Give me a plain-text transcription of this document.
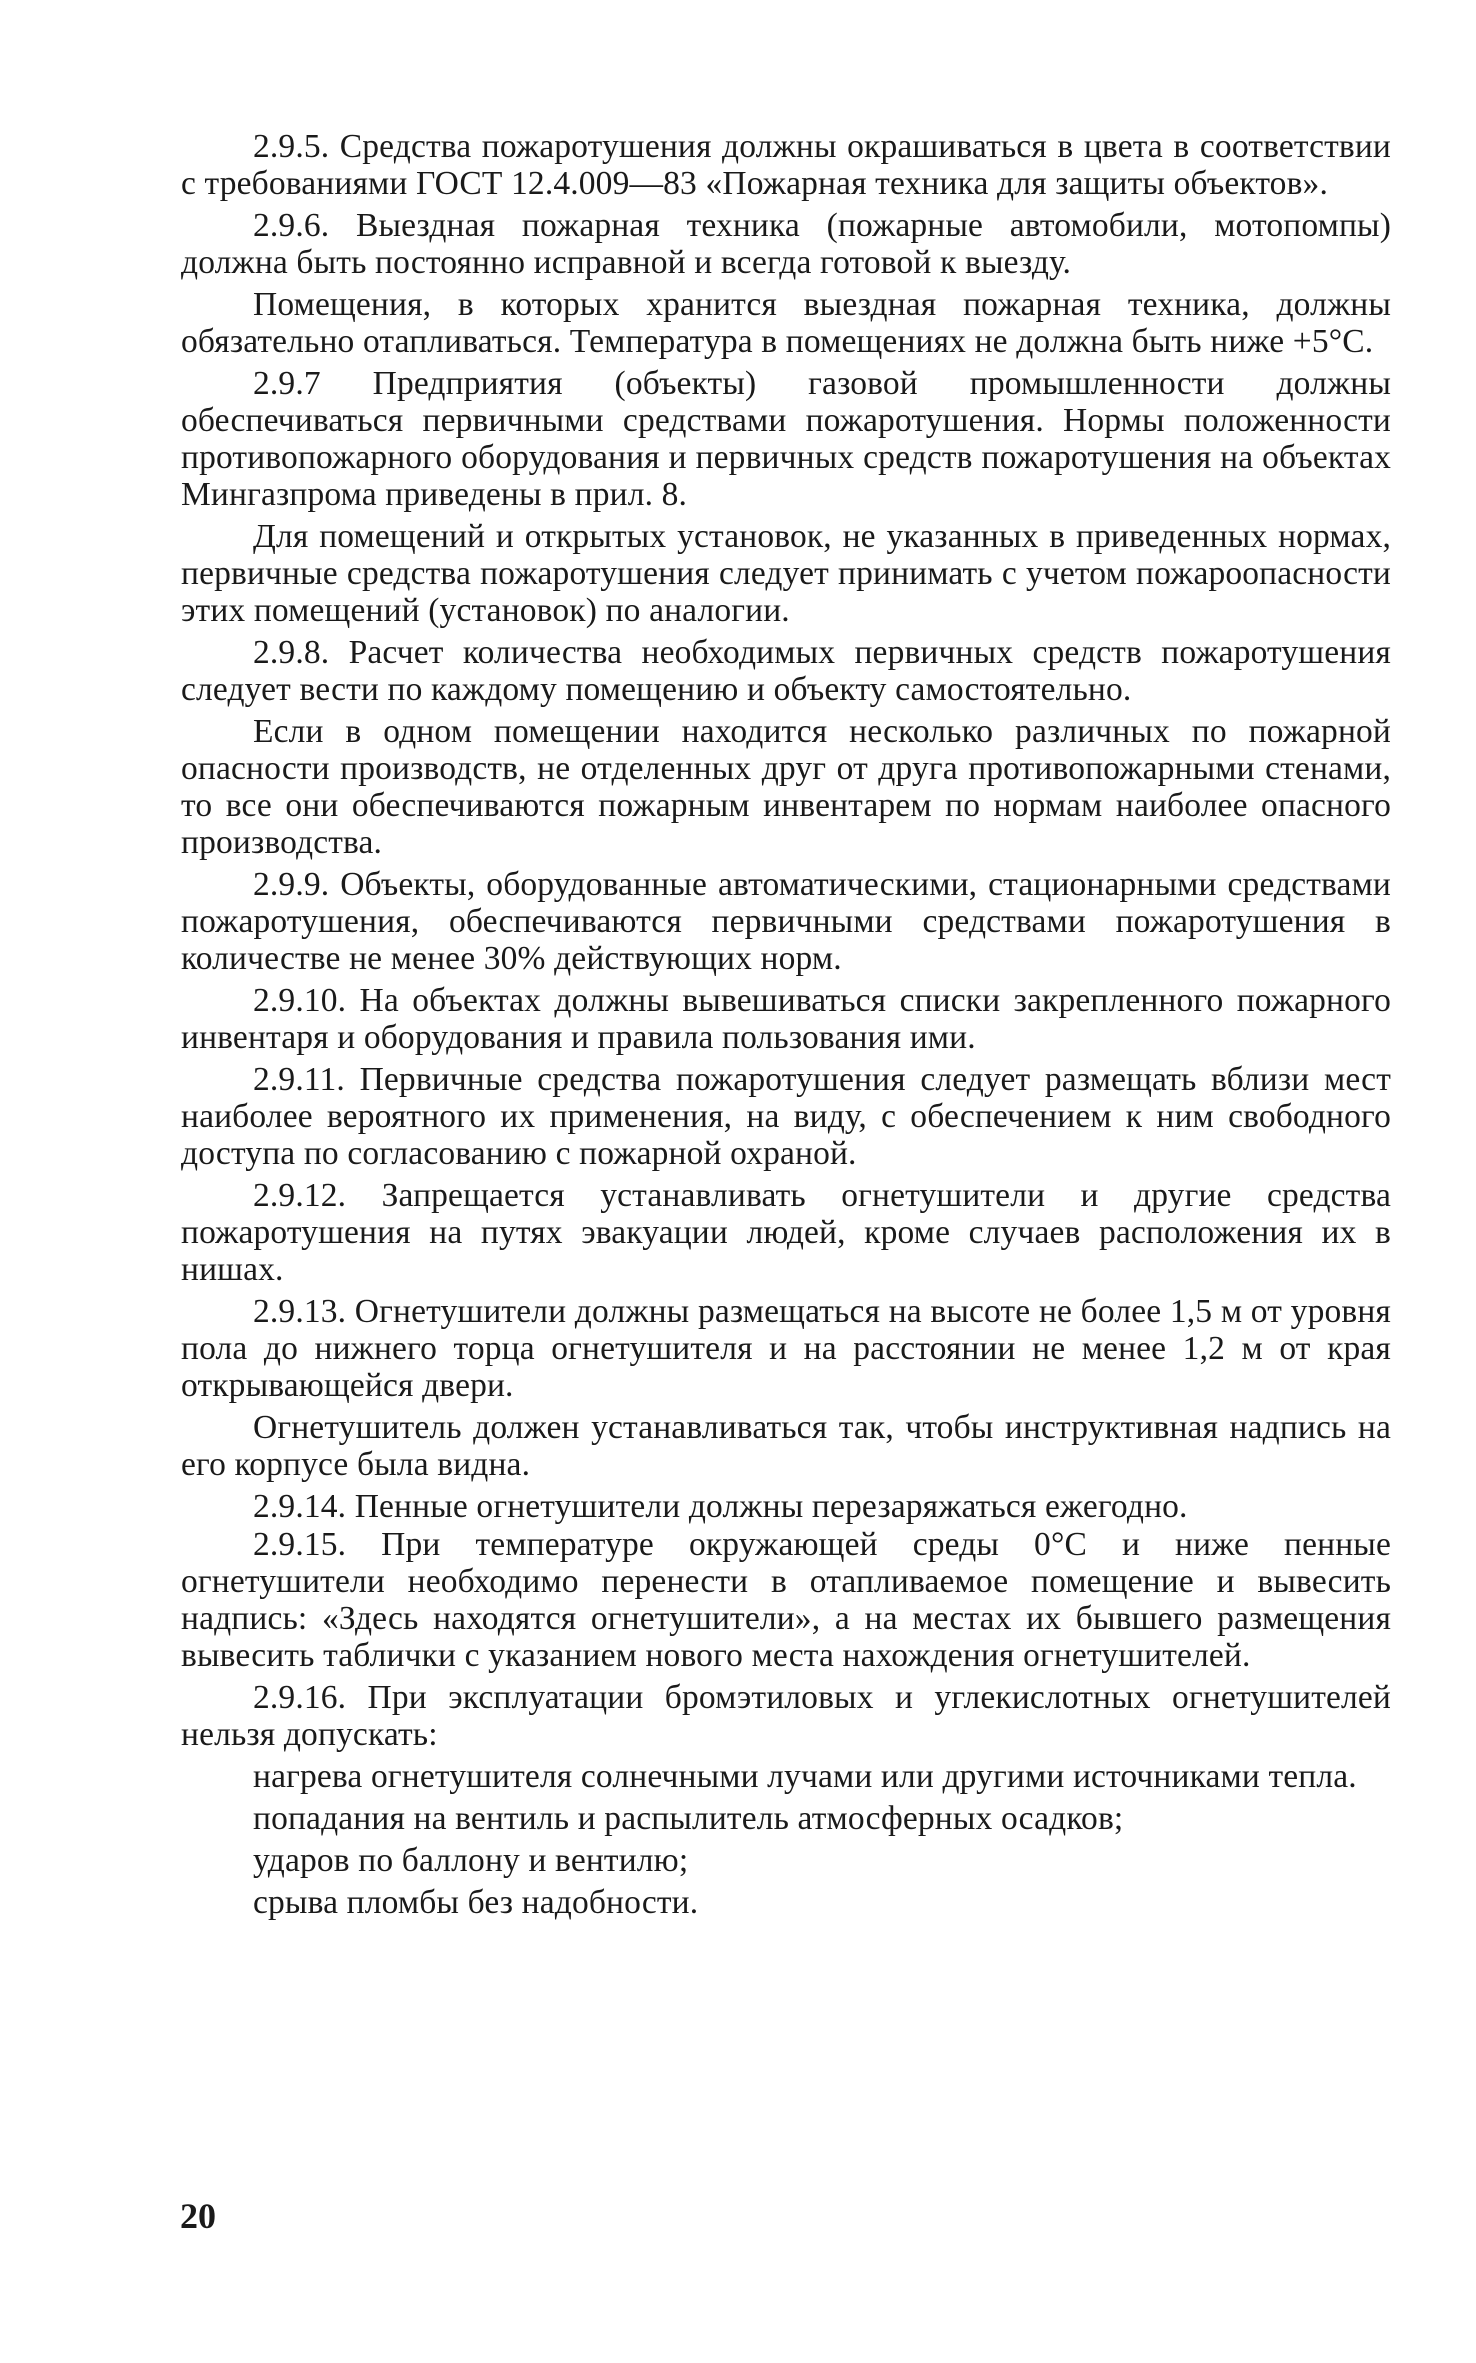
2.9.5. Средства пожаротушения должны окрашиваться в цвета в соответствии с требованиями ГОСТ 12.4.009—83 «Пожарная техника для защиты объектов».

2.9.6. Выездная пожарная техника (пожарные автомобили, мотопомпы) должна быть постоянно исправной и всегда готовой к выезду.

Помещения, в которых хранится выездная пожарная техника, должны обязательно отапливаться. Температура в помещениях не должна быть ниже +5°С.

2.9.7 Предприятия (объекты) газовой промышленности должны обеспечиваться первичными средствами пожаротушения. Нормы положенности противопожарного оборудования и первичных средств пожаротушения на объектах Мингазпрома приведены в прил. 8.

Для помещений и открытых установок, не указанных в приведенных нормах, первичные средства пожаротушения следует принимать с учетом пожароопасности этих помещений (установок) по аналогии.

2.9.8. Расчет количества необходимых первичных средств пожаротушения следует вести по каждому помещению и объекту самостоятельно.

Если в одном помещении находится несколько различных по пожарной опасности производств, не отделенных друг от друга противопожарными стенами, то все они обеспечиваются пожарным инвентарем по нормам наиболее опасного производства.

2.9.9. Объекты, оборудованные автоматическими, стационарными средствами пожаротушения, обеспечиваются первичными средствами пожаротушения в количестве не менее 30% действующих норм.

2.9.10. На объектах должны вывешиваться списки закрепленного пожарного инвентаря и оборудования и правила пользования ими.

2.9.11. Первичные средства пожаротушения следует размещать вблизи мест наиболее вероятного их применения, на виду, с обеспечением к ним свободного доступа по согласованию с пожарной охраной.

2.9.12. Запрещается устанавливать огнетушители и другие средства пожаротушения на путях эвакуации людей, кроме случаев расположения их в нишах.

2.9.13. Огнетушители должны размещаться на высоте не более 1,5 м от уровня пола до нижнего торца огнетушителя и на расстоянии не менее 1,2 м от края открывающейся двери.

Огнетушитель должен устанавливаться так, чтобы инструктивная надпись на его корпусе была видна.

2.9.14. Пенные огнетушители должны перезаряжаться ежегодно.

2.9.15. При температуре окружающей среды 0°С и ниже пенные огнетушители необходимо перенести в отапливаемое помещение и вывесить надпись: «Здесь находятся огнетушители», а на местах их бывшего размещения вывесить таблички с указанием нового места нахождения огнетушителей.

2.9.16. При эксплуатации бромэтиловых и углекислотных огнетушителей нельзя допускать:

нагрева огнетушителя солнечными лучами или другими источниками тепла.

попадания на вентиль и распылитель атмосферных осадков;

ударов по баллону и вентилю;

срыва пломбы без надобности.

20
